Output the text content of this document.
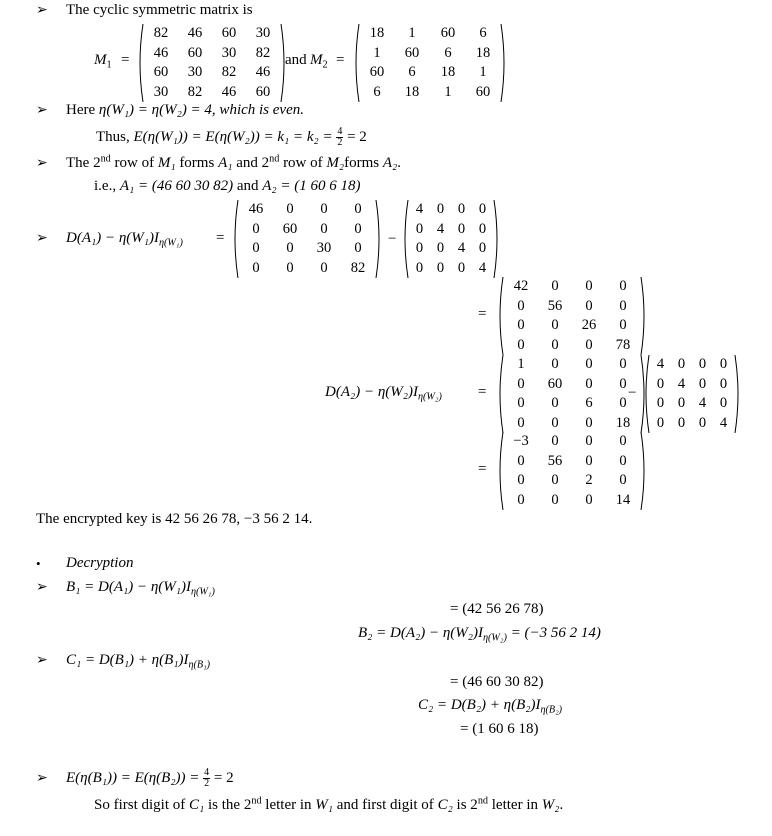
➢ The cyclic symmetric matrix is
$M_1$ =
82	46	60	30
46	60	30	82
60	30	82	46
30	82	46	60
and $M_2$ =
18	1	60	6
1	60	6	18
60	6	18	1
6	18	1	60
➢ Here η(W₁) = η(W₂) = 4, which is even.
Thus, $E(\eta(W_1)) = E(\eta(W_2)) = k_1 = k_2 = \frac{4}{2} = 2$
➢ The 2nd row of M₁ forms A₁ and 2nd row of M₂forms A₂.
i.e., A₁ = (46 60 30 82) and A₂ = (1 60 6 18)
➢ $D(A_1) - \eta(W_1)I_{\eta(W_1)}$ =
46	0	0	0
0	60	0	0
0	0	30	0
0	0	0	82
−
4 0 0 0
0 4 0 0
0 0 4 0
0 0 0 4
=
42	0	0	0
0	56	0	0
0	0	26	0
0	0	0	78
$D(A_2) - \eta(W_2)I_{\eta(W_2)}$ =
1	0	0	0
0	60	0	0
0	0	6	0
0	0	0	18
−
4 0 0 0
0 4 0 0
0 0 4 0
0 0 0 4
=
−3	0	0	0
0	56	0	0
0	0	2	0
0	0	0	14
The encrypted key is 42 56 26 78, −3 56 2 14.
• Decryption
➢ $B_1 = D(A_1) - \eta(W_1)I_{\eta(W_1)}$
= (42 56 26 78)
$B_2 = D(A_2) - \eta(W_2)I_{\eta(W_2)} = (-3$ 56 2 14)
➢ $C_1 = D(B_1) + \eta(B_1)I_{\eta(B_1)}$
= (46 60 30 82)
$C_2 = D(B_2) + \eta(B_2)I_{\eta(B_2)}$
= (1 60 6 18)
➢ $E(\eta(B_1)) = E(\eta(B_2)) = \frac{4}{2} = 2$
So first digit of C₁ is the 2nd letter in W₁ and first digit of C₂ is 2nd letter in W₂.
